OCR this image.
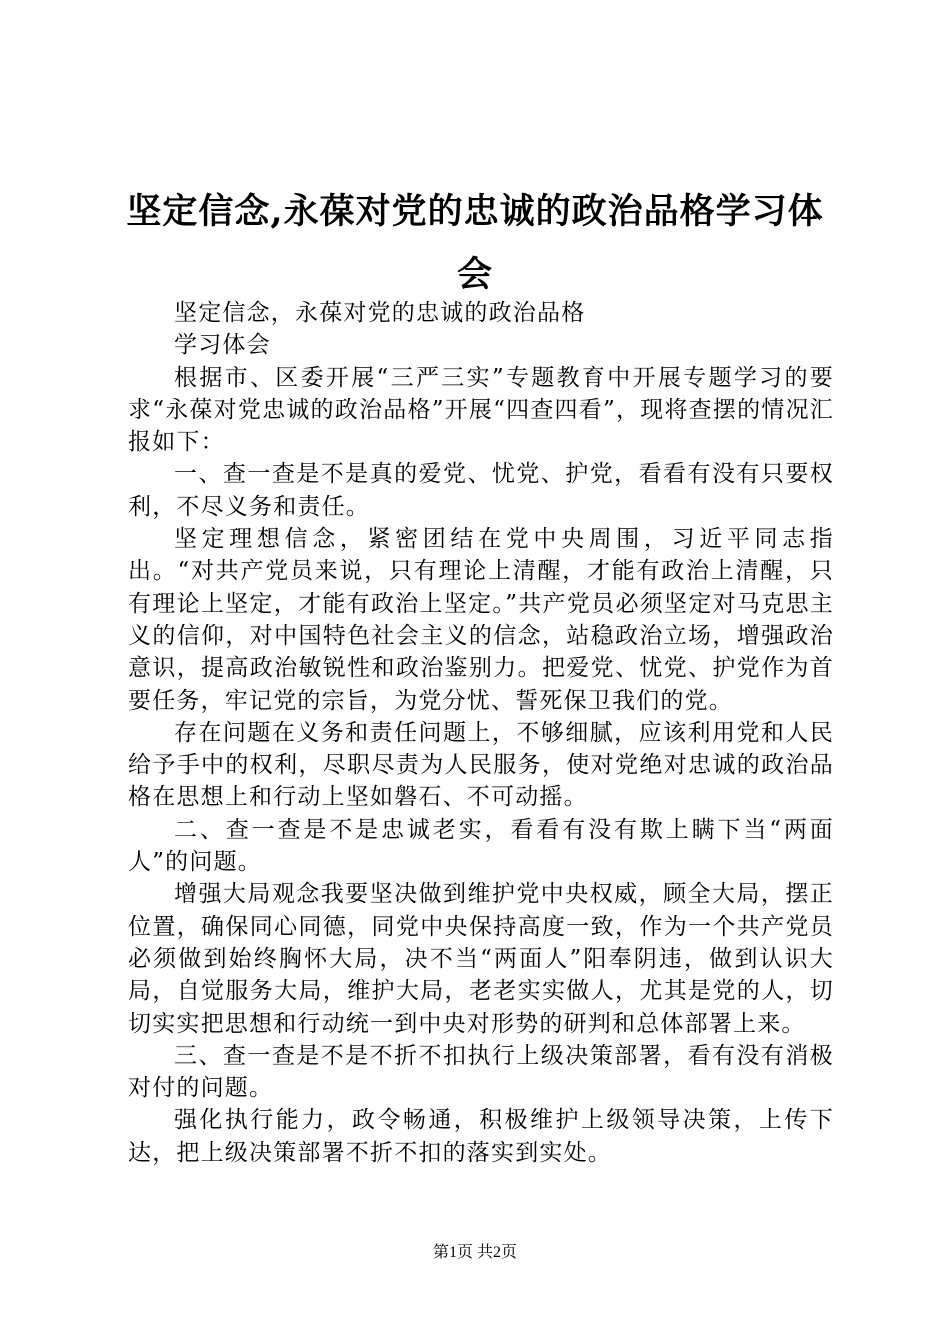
坚定信念,永葆对党的忠诚的政治品格学习体会

坚定信念，永葆对党的忠诚的政治品格

学习体会

根据市、区委开展“三严三实”专题教育中开展专题学习的要求“永葆对党忠诚的政治品格”开展“四查四看”，现将查摆的情况汇报如下：

一、查一查是不是真的爱党、忧党、护党，看看有没有只要权利，不尽义务和责任。

坚定理想信念，紧密团结在党中央周围，习近平同志指出。“对共产党员来说，只有理论上清醒，才能有政治上清醒，只有理论上坚定，才能有政治上坚定。”共产党员必须坚定对马克思主义的信仰，对中国特色社会主义的信念，站稳政治立场，增强政治意识，提高政治敏锐性和政治鉴别力。把爱党、忧党、护党作为首要任务，牢记党的宗旨，为党分忧、誓死保卫我们的党。

存在问题在义务和责任问题上，不够细腻，应该利用党和人民给予手中的权利，尽职尽责为人民服务，使对党绝对忠诚的政治品格在思想上和行动上坚如磐石、不可动摇。

二、查一查是不是忠诚老实，看看有没有欺上瞒下当“两面人”的问题。

增强大局观念我要坚决做到维护党中央权威，顾全大局，摆正位置，确保同心同德，同党中央保持高度一致，作为一个共产党员必须做到始终胸怀大局，决不当“两面人”阳奉阴违，做到认识大局，自觉服务大局，维护大局，老老实实做人，尤其是党的人，切切实实把思想和行动统一到中央对形势的研判和总体部署上来。

三、查一查是不是不折不扣执行上级决策部署，看有没有消极对付的问题。

强化执行能力，政令畅通，积极维护上级领导决策，上传下达，把上级决策部署不折不扣的落实到实处。

第1页 共2页
